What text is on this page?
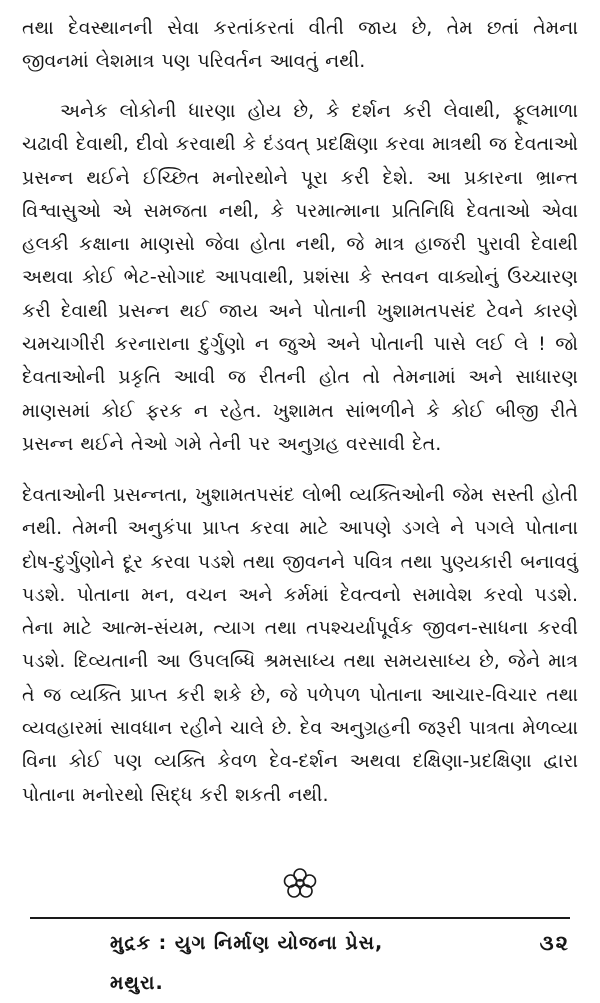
તથા દેવસ્થાનની સેવા કરતાંકરતાં વીતી જાય છે, તેમ છતાં તેમના જીવનમાં લેશમાત્ર પણ પરિવર્તન આવતું નથી.

અનેક લોકોની ધારણા હોય છે, કે દર્શન કરી લેવાથી, ફૂલમાળા ચઢાવી દેવાથી, દીવો કરવાથી કે દંડવત્ પ્રદક્ષિણા કરવા માત્રથી જ દેવતાઓ પ્રસન્ન થઈને ઈચ્છિત મનોરથોને પૂરા કરી દેશે. આ પ્રકારના ભ્રાન્ત વિશ્વાસુઓ એ સમજતા નથી, કે પરમાત્માના પ્રતિનિધિ દેવતાઓ એવા હલકી કક્ષાના માણસો જેવા હોતા નથી, જે માત્ર હાજરી પુરાવી દેવાથી અથવા કોઈ ભેટ-સોગાદ આપવાથી, પ્રશંસા કે સ્તવન વાક્યોનું ઉચ્ચારણ કરી દેવાથી પ્રસન્ન થઈ જાય અને પોતાની ખુશામતપસંદ ટેવને કારણે ચમચાગીરી કરનારાના દુર્ગુણો ન જુએ અને પોતાની પાસે લઈ લે ! જો દેવતાઓની પ્રકૃતિ આવી જ રીતની હોત તો તેમનામાં અને સાધારણ માણસમાં કોઈ ફરક ન રહેત. ખુશામત સાંભળીને કે કોઈ બીજી રીતે પ્રસન્ન થઈને તેઓ ગમે તેની પર અનુગ્રહ વરસાવી દેત.

દેવતાઓની પ્રસન્નતા, ખુશામતપસંદ લોભી વ્યક્તિઓની જેમ સસ્તી હોતી નથી. તેમની અનુકંપા પ્રાપ્ત કરવા માટે આપણે ડગલે ને પગલે પોતાના દોષ-દુર્ગુણોને દૂર કરવા પડશે તથા જીવનને પવિત્ર તથા પુણ્યકારી બનાવવું પડશે. પોતાના મન, વચન અને કર્મમાં દેવત્વનો સમાવેશ કરવો પડશે. તેના માટે આત્મ-સંયમ, ત્યાગ તથા તપશ્ચર્યાપૂર્વક જીવન-સાધના કરવી પડશે. દિવ્યતાની આ ઉપલબ્ધિ શ્રમસાધ્ય તથા સમયસાધ્ય છે, જેને માત્ર તે જ વ્યક્તિ પ્રાપ્ત કરી શકે છે, જે પળેપળ પોતાના આચાર-વિચાર તથા વ્યવહારમાં સાવધાન રહીને ચાલે છે. દેવ અનુગ્રહની જરૂરી પાત્રતા મેળવ્યા વિના કોઈ પણ વ્યક્તિ કેવળ દેવ-દર્શન અથવા દક્ષિણા-પ્રદક્ષિણા દ્વારા પોતાના મનોરથો સિદ્ધ કરી શકતી નથી.

મુદ્રક : યુગ નિર્માણ યોજના પ્રેસ, મથુરા.
૩૨
